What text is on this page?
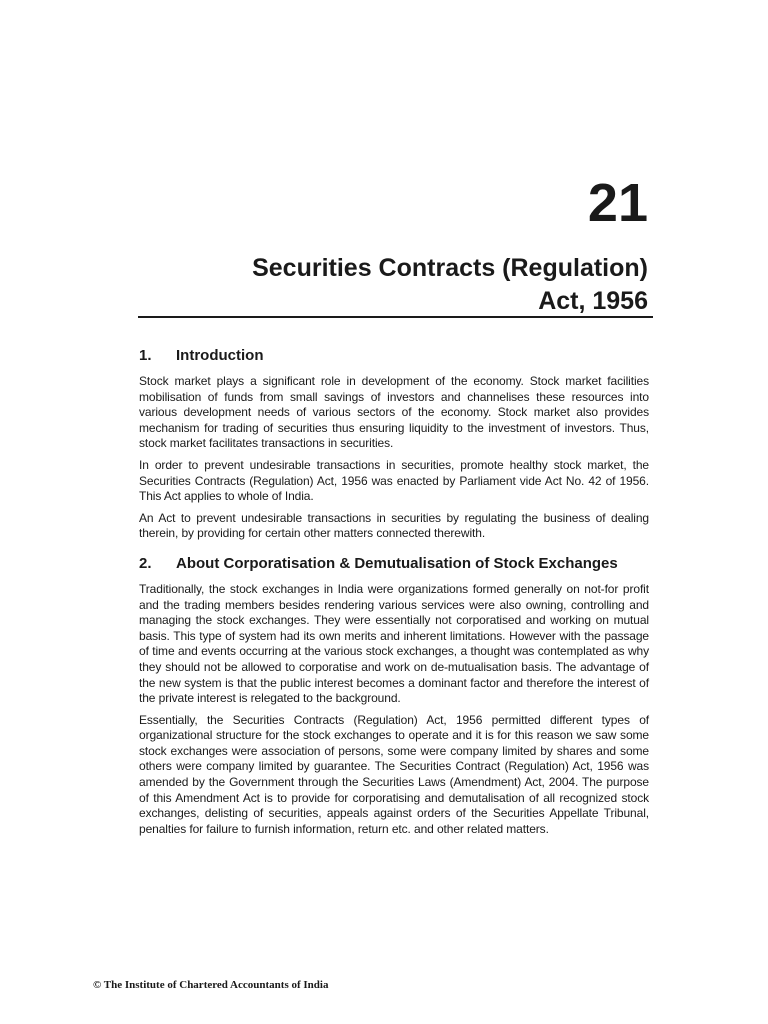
21
Securities Contracts (Regulation)
Act, 1956
1.	Introduction

Stock market plays a significant role in development of the economy. Stock market facilities mobilisation of funds from small savings of investors and channelises these resources into various development needs of various sectors of the economy. Stock market also provides mechanism for trading of securities thus ensuring liquidity to the investment of investors. Thus, stock market facilitates transactions in securities.

In order to prevent undesirable transactions in securities, promote healthy stock market, the Securities Contracts (Regulation) Act, 1956 was enacted by Parliament vide Act No. 42 of 1956. This Act applies to whole of India.

An Act to prevent undesirable transactions in securities by regulating the business of dealing therein, by providing for certain other matters connected therewith.

2.	About Corporatisation & Demutualisation of Stock Exchanges

Traditionally, the stock exchanges in India were organizations formed generally on not-for profit and the trading members besides rendering various services were also owning, controlling and managing the stock exchanges. They were essentially not corporatised and working on mutual basis. This type of system had its own merits and inherent limitations. However with the passage of time and events occurring at the various stock exchanges, a thought was contemplated as why they should not be allowed to corporatise and work on de-mutualisation basis. The advantage of the new system is that the public interest becomes a dominant factor and therefore the interest of the private interest is relegated to the background.

Essentially, the Securities Contracts (Regulation) Act, 1956 permitted different types of organizational structure for the stock exchanges to operate and it is for this reason we saw some stock exchanges were association of persons, some were company limited by shares and some others were company limited by guarantee. The Securities Contract (Regulation) Act, 1956 was amended by the Government through the Securities Laws (Amendment) Act, 2004. The purpose of this Amendment Act is to provide for corporatising and demutalisation of all recognized stock exchanges, delisting of securities, appeals against orders of the Securities Appellate Tribunal, penalties for failure to furnish information, return etc. and other related matters.

© The Institute of Chartered Accountants of India
